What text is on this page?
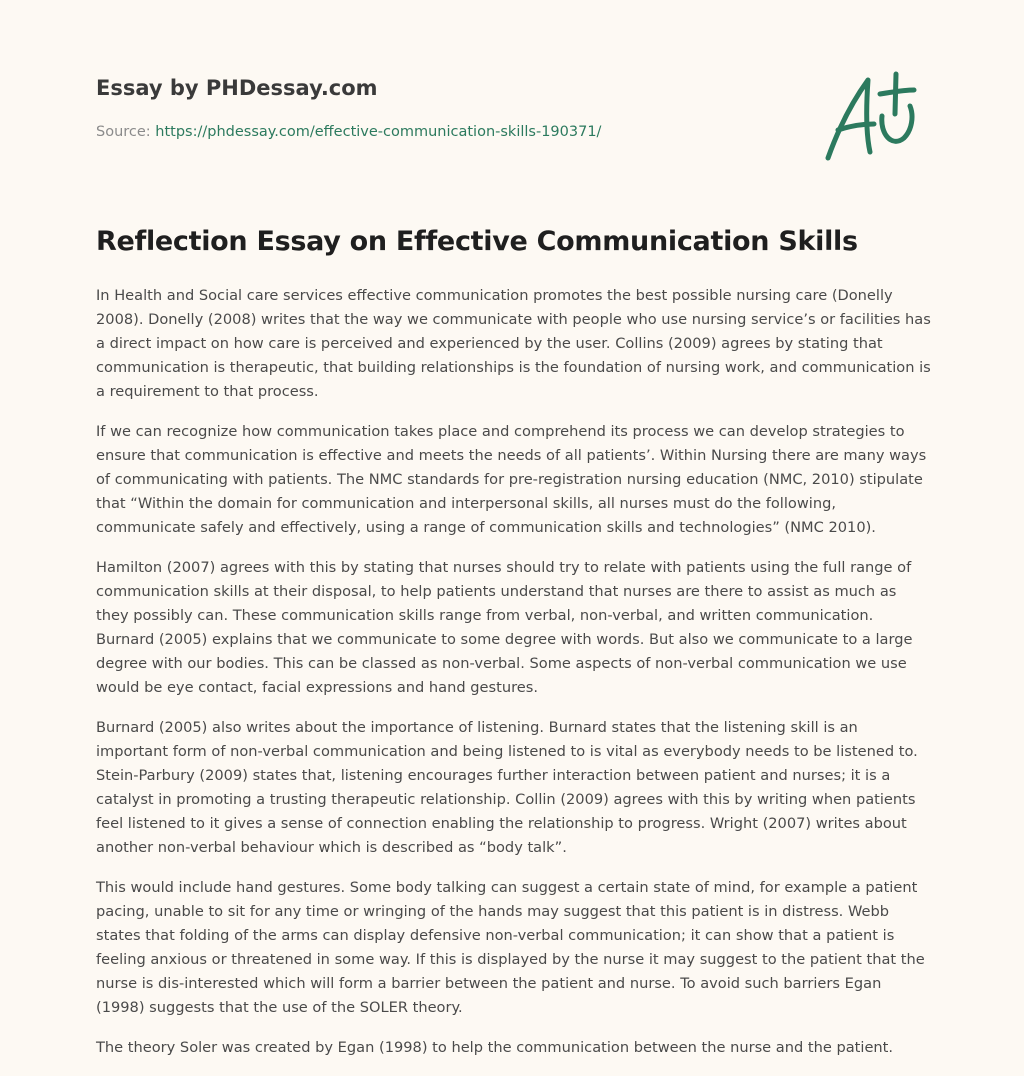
Essay by PHDessay.com
Source: https://phdessay.com/effective-communication-skills-190371/
Reflection Essay on Effective Communication Skills

In Health and Social care services effective communication promotes the best possible nursing care (Donelly 2008). Donelly (2008) writes that the way we communicate with people who use nursing service’s or facilities has a direct impact on how care is perceived and experienced by the user. Collins (2009) agrees by stating that communication is therapeutic, that building relationships is the foundation of nursing work, and communication is a requirement to that process.

If we can recognize how communication takes place and comprehend its process we can develop strategies to ensure that communication is effective and meets the needs of all patients’. Within Nursing there are many ways of communicating with patients. The NMC standards for pre-registration nursing education (NMC, 2010) stipulate that “Within the domain for communication and interpersonal skills, all nurses must do the following, communicate safely and effectively, using a range of communication skills and technologies” (NMC 2010).

Hamilton (2007) agrees with this by stating that nurses should try to relate with patients using the full range of communication skills at their disposal, to help patients understand that nurses are there to assist as much as they possibly can. These communication skills range from verbal, non-verbal, and written communication. Burnard (2005) explains that we communicate to some degree with words. But also we communicate to a large degree with our bodies. This can be classed as non-verbal. Some aspects of non-verbal communication we use would be eye contact, facial expressions and hand gestures.

Burnard (2005) also writes about the importance of listening. Burnard states that the listening skill is an important form of non-verbal communication and being listened to is vital as everybody needs to be listened to. Stein-Parbury (2009) states that, listening encourages further interaction between patient and nurses; it is a catalyst in promoting a trusting therapeutic relationship. Collin (2009) agrees with this by writing when patients feel listened to it gives a sense of connection enabling the relationship to progress. Wright (2007) writes about another non-verbal behaviour which is described as “body talk”.

This would include hand gestures. Some body talking can suggest a certain state of mind, for example a patient pacing, unable to sit for any time or wringing of the hands may suggest that this patient is in distress. Webb states that folding of the arms can display defensive non-verbal communication; it can show that a patient is feeling anxious or threatened in some way. If this is displayed by the nurse it may suggest to the patient that the nurse is dis-interested which will form a barrier between the patient and nurse. To avoid such barriers Egan (1998) suggests that the use of the SOLER theory.

The theory Soler was created by Egan (1998) to help the communication between the nurse and the patient.
